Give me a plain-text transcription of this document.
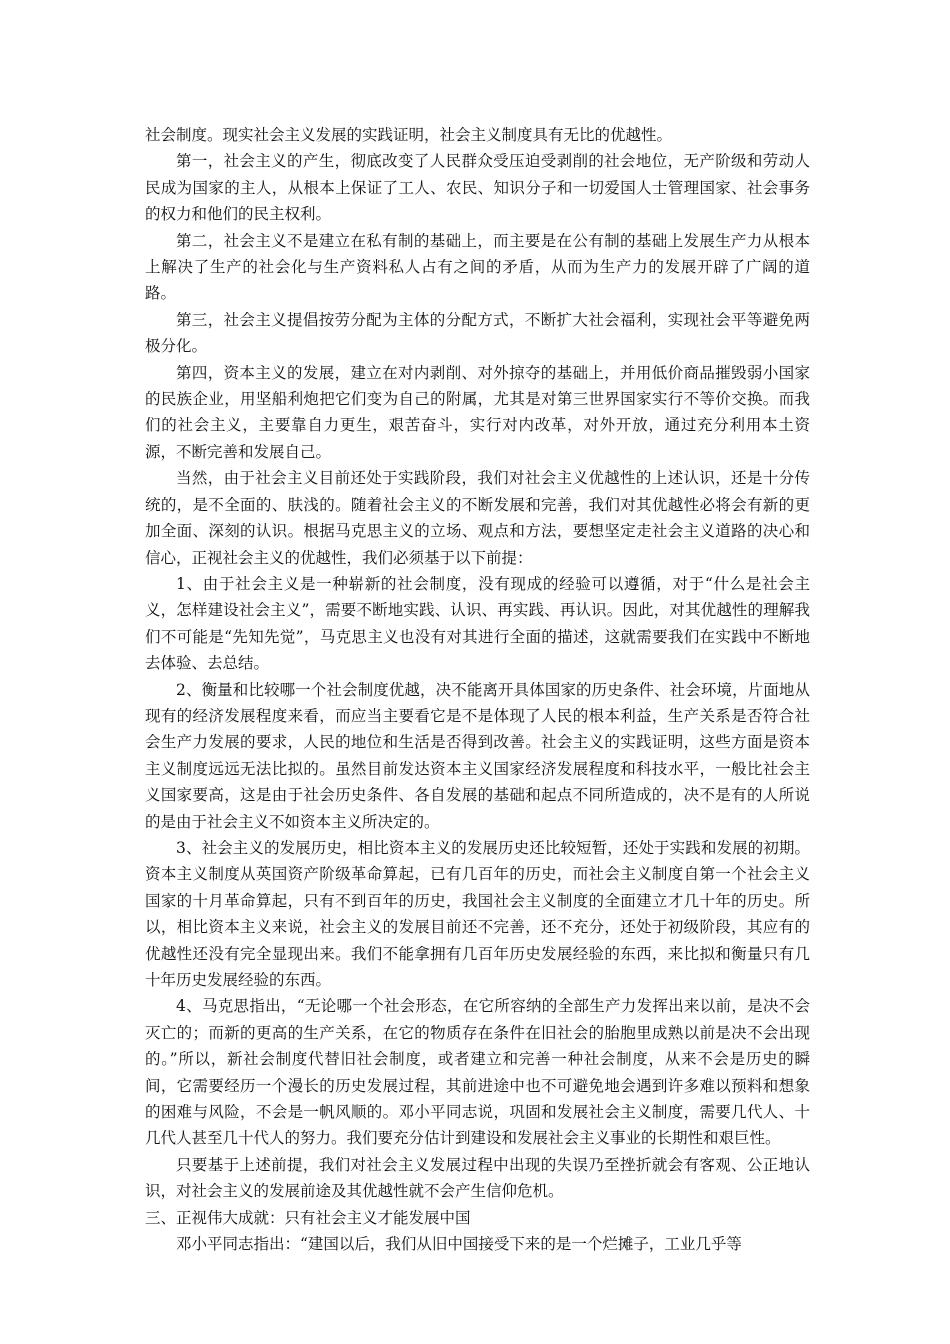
社会制度。现实社会主义发展的实践证明，社会主义制度具有无比的优越性。

第一，社会主义的产生，彻底改变了人民群众受压迫受剥削的社会地位，无产阶级和劳动人民成为国家的主人，从根本上保证了工人、农民、知识分子和一切爱国人士管理国家、社会事务的权力和他们的民主权利。

第二，社会主义不是建立在私有制的基础上，而主要是在公有制的基础上发展生产力从根本上解决了生产的社会化与生产资料私人占有之间的矛盾，从而为生产力的发展开辟了广阔的道路。

第三，社会主义提倡按劳分配为主体的分配方式，不断扩大社会福利，实现社会平等避免两极分化。

第四，资本主义的发展，建立在对内剥削、对外掠夺的基础上，并用低价商品摧毁弱小国家的民族企业，用坚船利炮把它们变为自己的附属，尤其是对第三世界国家实行不等价交换。而我们的社会主义，主要靠自力更生，艰苦奋斗，实行对内改革，对外开放，通过充分利用本土资源，不断完善和发展自己。

当然，由于社会主义目前还处于实践阶段，我们对社会主义优越性的上述认识，还是十分传统的，是不全面的、肤浅的。随着社会主义的不断发展和完善，我们对其优越性必将会有新的更加全面、深刻的认识。根据马克思主义的立场、观点和方法，要想坚定走社会主义道路的决心和信心，正视社会主义的优越性，我们必须基于以下前提：

1、由于社会主义是一种崭新的社会制度，没有现成的经验可以遵循，对于“什么是社会主义，怎样建设社会主义”，需要不断地实践、认识、再实践、再认识。因此，对其优越性的理解我们不可能是“先知先觉”，马克思主义也没有对其进行全面的描述，这就需要我们在实践中不断地去体验、去总结。

2、衡量和比较哪一个社会制度优越，决不能离开具体国家的历史条件、社会环境，片面地从现有的经济发展程度来看，而应当主要看它是不是体现了人民的根本利益，生产关系是否符合社会生产力发展的要求，人民的地位和生活是否得到改善。社会主义的实践证明，这些方面是资本主义制度远远无法比拟的。虽然目前发达资本主义国家经济发展程度和科技水平，一般比社会主义国家要高，这是由于社会历史条件、各自发展的基础和起点不同所造成的，决不是有的人所说的是由于社会主义不如资本主义所决定的。

3、社会主义的发展历史，相比资本主义的发展历史还比较短暂，还处于实践和发展的初期。资本主义制度从英国资产阶级革命算起，已有几百年的历史，而社会主义制度自第一个社会主义国家的十月革命算起，只有不到百年的历史，我国社会主义制度的全面建立才几十年的历史。所以，相比资本主义来说，社会主义的发展目前还不完善，还不充分，还处于初级阶段，其应有的优越性还没有完全显现出来。我们不能拿拥有几百年历史发展经验的东西，来比拟和衡量只有几十年历史发展经验的东西。

4、马克思指出，“无论哪一个社会形态，在它所容纳的全部生产力发挥出来以前，是决不会灭亡的；而新的更高的生产关系，在它的物质存在条件在旧社会的胎胞里成熟以前是决不会出现的。”所以，新社会制度代替旧社会制度，或者建立和完善一种社会制度，从来不会是历史的瞬间，它需要经历一个漫长的历史发展过程，其前进途中也不可避免地会遇到许多难以预料和想象的困难与风险，不会是一帆风顺的。邓小平同志说，巩固和发展社会主义制度，需要几代人、十几代人甚至几十代人的努力。我们要充分估计到建设和发展社会主义事业的长期性和艰巨性。

只要基于上述前提，我们对社会主义发展过程中出现的失误乃至挫折就会有客观、公正地认识，对社会主义的发展前途及其优越性就不会产生信仰危机。

三、正视伟大成就：只有社会主义才能发展中国

邓小平同志指出：“建国以后，我们从旧中国接受下来的是一个烂摊子，工业几乎等
